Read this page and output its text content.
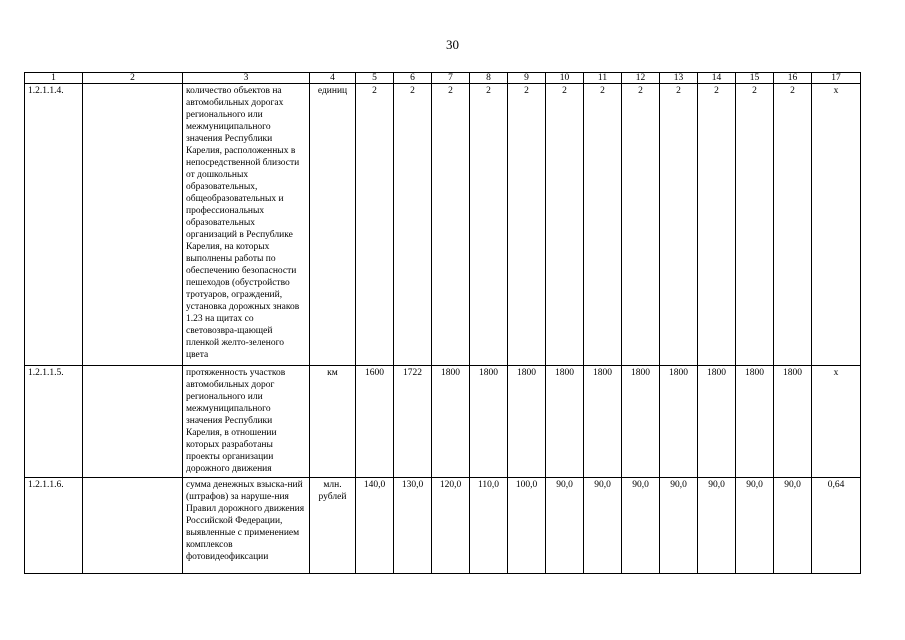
30
1	2	3	4	5	6	7	8	9	10	11	12	13	14	15	16	17
1.2.1.1.4.		количество объектов на автомобильных дорогах регионального или межмуниципального значения Республики Карелия, расположенных в непосредственной близости от дошкольных образовательных, общеобразовательных и профессиональных образовательных организаций в Республике Карелия, на которых выполнены работы по обеспечению безопасности пешеходов (обустройство тротуаров, ограждений, установка дорожных знаков 1.23 на щитах со световозвра-щающей пленкой желто-зеленого цвета	единиц	2	2	2	2	2	2	2	2	2	2	2	2	x
1.2.1.1.5.		протяженность участков автомобильных дорог регионального или межмуниципального значения Республики Карелия, в отношении которых разработаны проекты организации дорожного движения	км	1600	1722	1800	1800	1800	1800	1800	1800	1800	1800	1800	1800	x
1.2.1.1.6.		сумма денежных взыска-ний (штрафов) за наруше-ния Правил дорожного движения Российской Федерации, выявленные с применением комплексов фотовидеофиксации	млн. рублей	140,0	130,0	120,0	110,0	100,0	90,0	90,0	90,0	90,0	90,0	90,0	90,0	0,64
